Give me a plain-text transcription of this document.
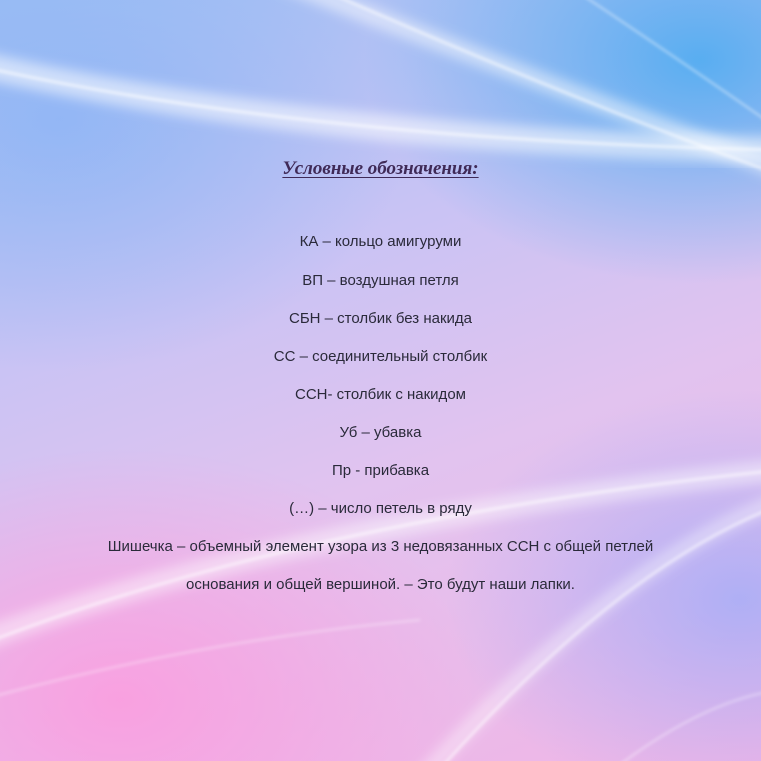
Условные обозначения:
КА – кольцо амигуруми
ВП – воздушная петля
СБН – столбик без накида
СС – соединительный столбик
ССН- столбик с накидом
Уб – убавка
Пр - прибавка
(…) – число петель в ряду
Шишечка – объемный элемент узора из 3 недовязанных ССН с общей петлей
основания и общей вершиной. – Это будут наши лапки.
